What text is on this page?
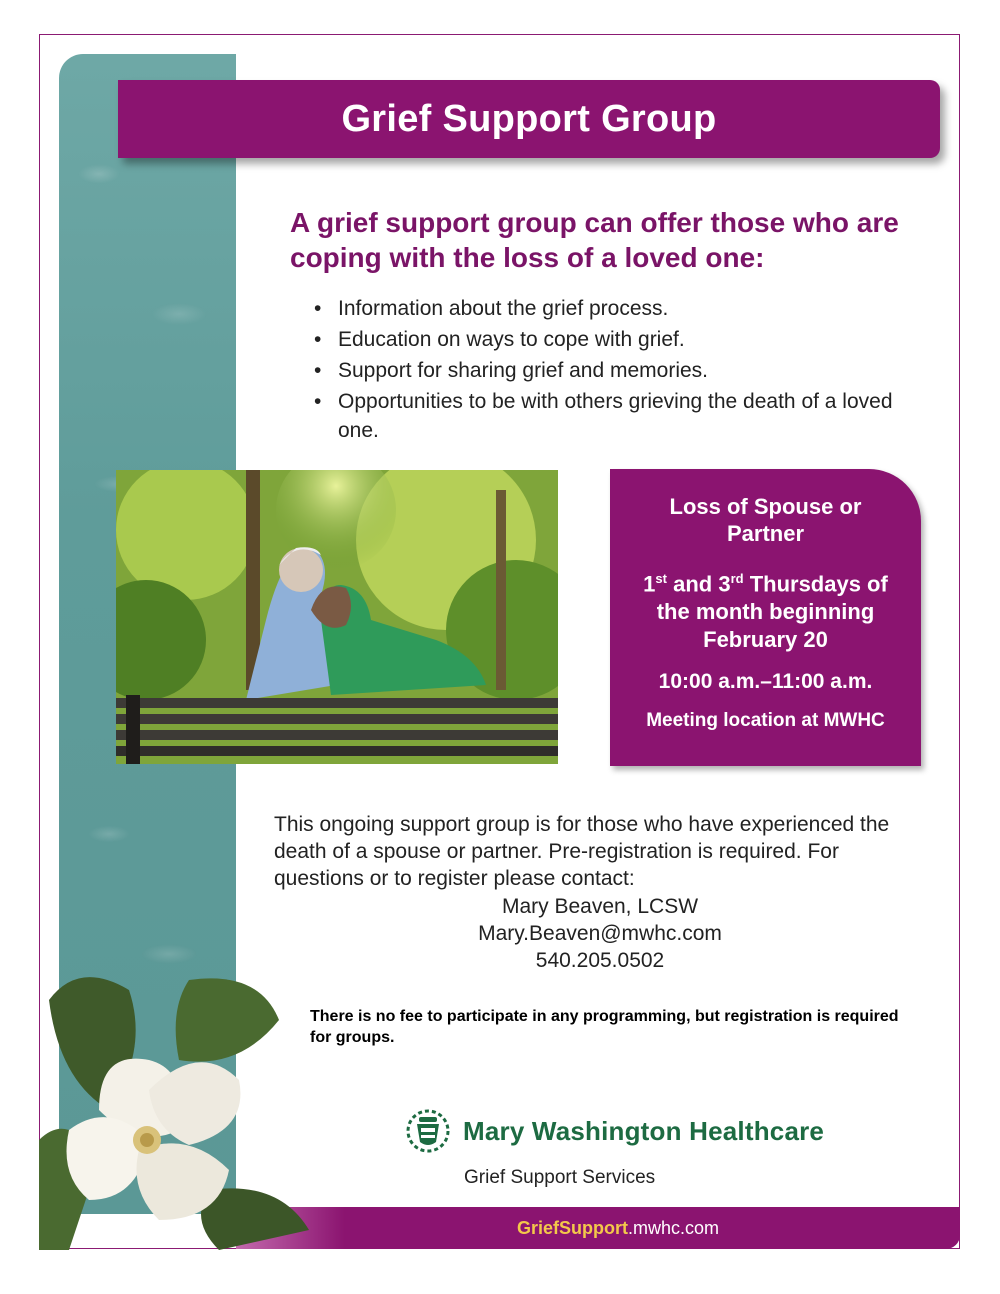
Grief Support Group

A grief support group can offer those who are coping with the loss of a loved one:

• Information about the grief process.
• Education on ways to cope with grief.
• Support for sharing grief and memories.
• Opportunities to be with others grieving the death of a loved one.
Loss of Spouse or Partner
1st and 3rd Thursdays of the month beginning February 20
10:00 a.m.–11:00 a.m.
Meeting location at MWHC

This ongoing support group is for those who have experienced the death of a spouse or partner. Pre-registration is required. For questions or to register please contact:

Mary Beaven, LCSW
Mary.Beaven@mwhc.com
540.205.0502

There is no fee to participate in any programming, but registration is required for groups.

Mary Washington Healthcare
Grief Support Services
GriefSupport.mwhc.com
